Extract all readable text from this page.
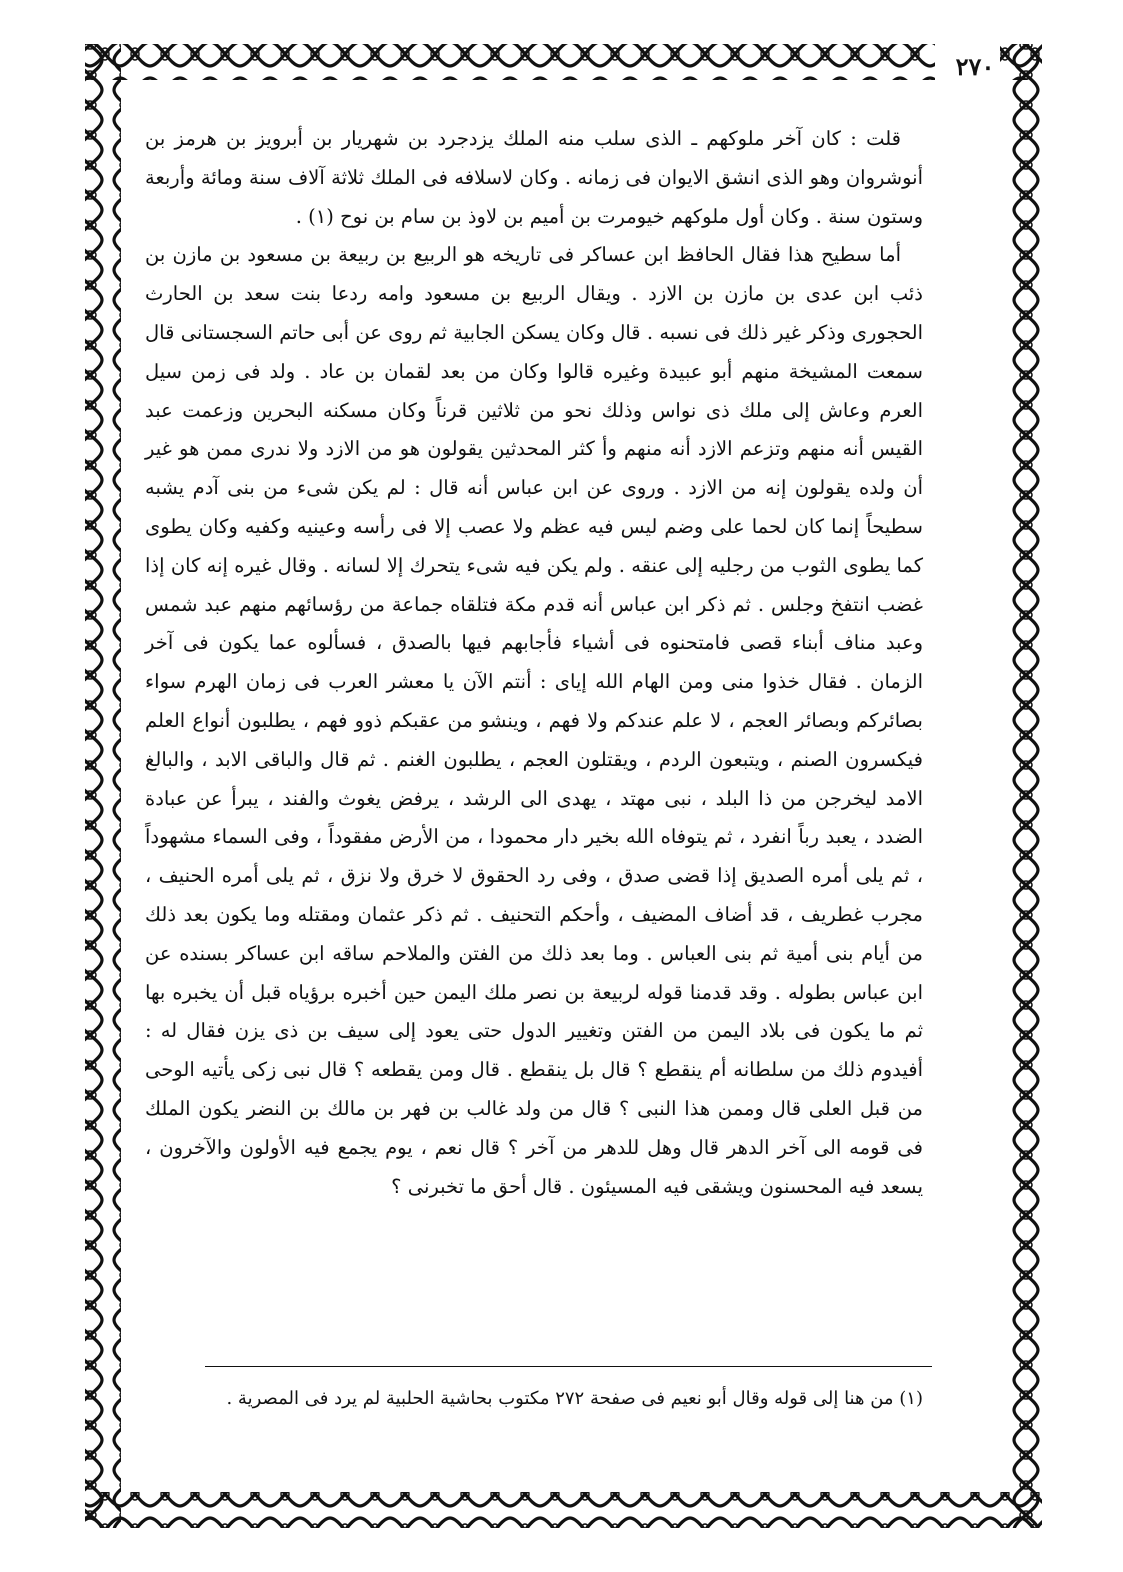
٢٧٠

قلت : كان آخر ملوكهم ـ الذى سلب منه الملك يزدجرد بن شهريار بن أبرويز بن هرمز بن أنوشروان وهو الذى انشق الايوان فى زمانه . وكان لاسلافه فى الملك ثلاثة آلاف سنة ومائة وأربعة وستون سنة . وكان أول ملوكهم خيومرت بن أميم بن لاوذ بن سام بن نوح (١) .

أما سطيح هذا فقال الحافظ ابن عساكر فى تاريخه هو الربيع بن ربيعة بن مسعود بن مازن بن ذئب ابن عدى بن مازن بن الازد . ويقال الربيع بن مسعود وامه ردعا بنت سعد بن الحارث الحجورى وذكر غير ذلك فى نسبه . قال وكان يسكن الجابية ثم روى عن أبى حاتم السجستانى قال سمعت المشيخة منهم أبو عبيدة وغيره قالوا وكان من بعد لقمان بن عاد . ولد فى زمن سيل العرم وعاش إلى ملك ذى نواس وذلك نحو من ثلاثين قرناً وكان مسكنه البحرين وزعمت عبد القيس أنه منهم وتزعم الازد أنه منهم وأ كثر المحدثين يقولون هو من الازد ولا ندرى ممن هو غير أن ولده يقولون إنه من الازد . وروى عن ابن عباس أنه قال : لم يكن شىء من بنى آدم يشبه سطيحاً إنما كان لحما على وضم ليس فيه عظم ولا عصب إلا فى رأسه وعينيه وكفيه وكان يطوى كما يطوى الثوب من رجليه إلى عنقه . ولم يكن فيه شىء يتحرك إلا لسانه . وقال غيره إنه كان إذا غضب انتفخ وجلس . ثم ذكر ابن عباس أنه قدم مكة فتلقاه جماعة من رؤسائهم منهم عبد شمس وعبد مناف أبناء قصى فامتحنوه فى أشياء فأجابهم فيها بالصدق ، فسألوه عما يكون فى آخر الزمان . فقال خذوا منى ومن الهام الله إياى : أنتم الآن يا معشر العرب فى زمان الهرم سواء بصائركم وبصائر العجم ، لا علم عندكم ولا فهم ، وينشو من عقبكم ذوو فهم ، يطلبون أنواع العلم فيكسرون الصنم ، ويتبعون الردم ، ويقتلون العجم ، يطلبون الغنم . ثم قال والباقى الابد ، والبالغ الامد ليخرجن من ذا البلد ، نبى مهتد ، يهدى الى الرشد ، يرفض يغوث والفند ، يبرأ عن عبادة الضدد ، يعبد رباً انفرد ، ثم يتوفاه الله بخير دار محمودا ، من الأرض مفقوداً ، وفى السماء مشهوداً ، ثم يلى أمره الصديق إذا قضى صدق ، وفى رد الحقوق لا خرق ولا نزق ، ثم يلى أمره الحنيف ، مجرب غطريف ، قد أضاف المضيف ، وأحكم التحنيف . ثم ذكر عثمان ومقتله وما يكون بعد ذلك من أيام بنى أمية ثم بنى العباس . وما بعد ذلك من الفتن والملاحم ساقه ابن عساكر بسنده عن ابن عباس بطوله . وقد قدمنا قوله لربيعة بن نصر ملك اليمن حين أخبره برؤياه قبل أن يخبره بها ثم ما يكون فى بلاد اليمن من الفتن وتغيير الدول حتى يعود إلى سيف بن ذى يزن فقال له : أفيدوم ذلك من سلطانه أم ينقطع ؟ قال بل ينقطع . قال ومن يقطعه ؟ قال نبى زكى يأتيه الوحى من قبل العلى قال وممن هذا النبى ؟ قال من ولد غالب بن فهر بن مالك بن النضر يكون الملك فى قومه الى آخر الدهر قال وهل للدهر من آخر ؟ قال نعم ، يوم يجمع فيه الأولون والآخرون ، يسعد فيه المحسنون ويشقى فيه المسيئون . قال أحق ما تخبرنى ؟

(١) من هنا إلى قوله وقال أبو نعيم فى صفحة ٢٧٢ مكتوب بحاشية الحلبية لم يرد فى المصرية .
